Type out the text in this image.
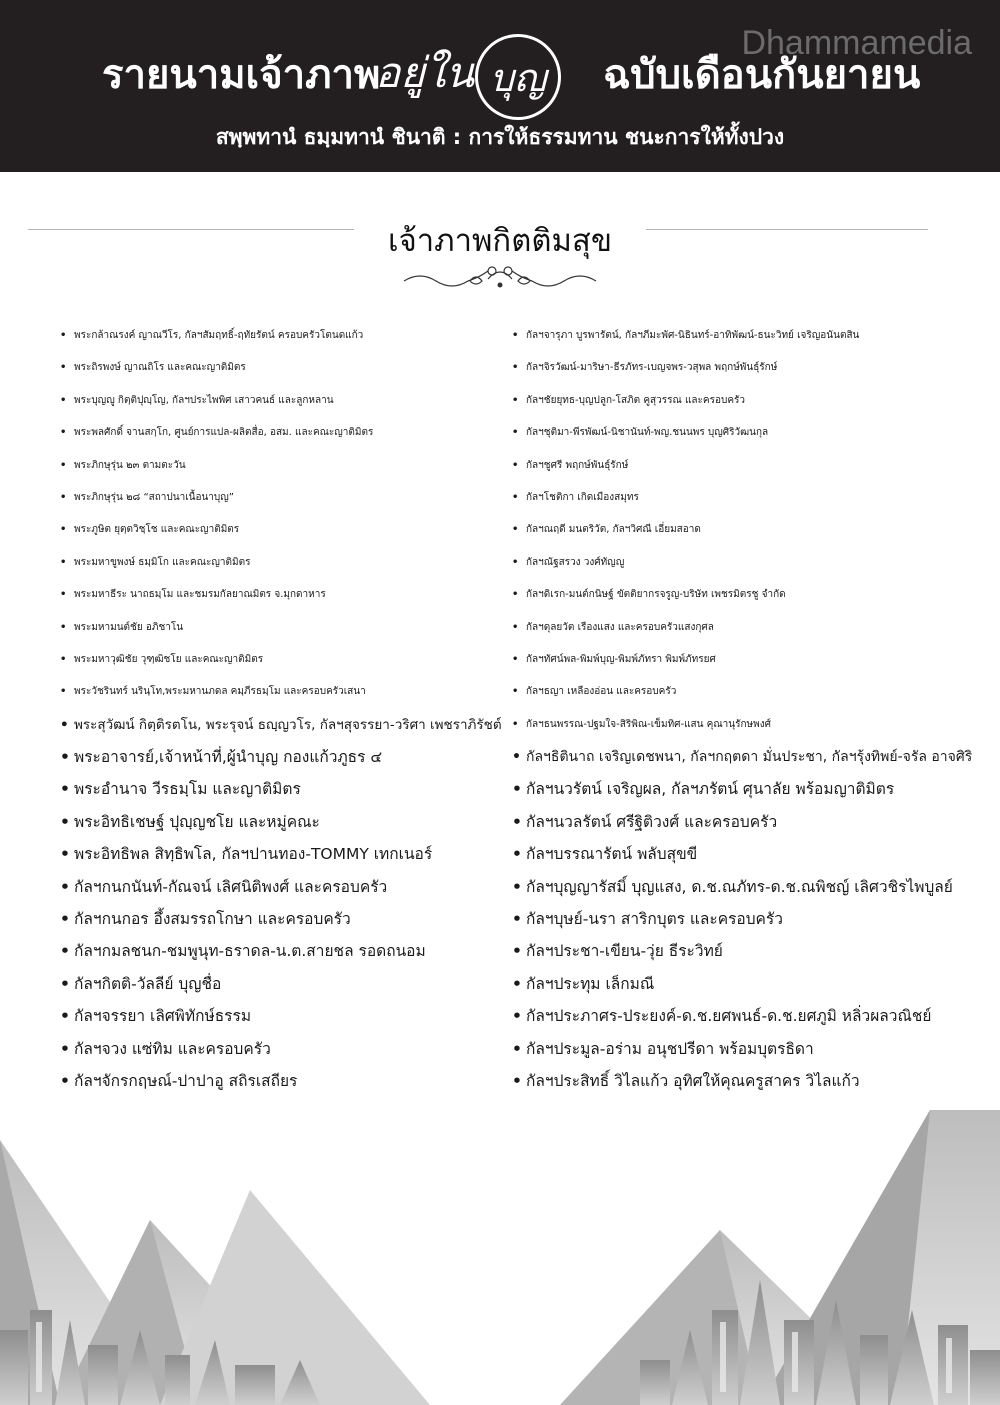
Dhammamedia
รายนามเจ้าภาพ
อยู่ใน บุญ	ฉบับเดือนกันยายน
สพฺพทานํ ธมฺมทานํ ชินาติ : การให้ธรรมทาน ชนะการให้ทั้งปวง
เจ้าภาพกิตติมสุข
• พระกล้าณรงค์ ญาณวีโร, กัลฯสัมฤทธิ์-ฤทัยรัตน์ ครอบครัวโตนดแก้ว
• พระถิรพงษ์ ญาณถิโร และคณะญาติมิตร
• พระบุญญู กิตฺติปุญฺโญ, กัลฯประไพพิศ เสาวคนธ์ และลูกหลาน
• พระพลศักดิ์ จานสกฺโก, ศูนย์การแปล-ผลิตสื่อ, อสม. และคณะญาติมิตร
• พระภิกษุรุ่น ๒๓ ตามตะวัน
• พระภิกษุรุ่น ๒๘ “สถาปนาเนื้อนาบุญ”
• พระภูษิต ยุตฺตวิชฺโช และคณะญาติมิตร
• พระมหาขูพงษ์ ธมฺมิโก และคณะญาติมิตร
• พระมหาธีระ นาถธมฺโม และชมรมกัลยาณมิตร จ.มุกดาหาร
• พระมหามนต์ชัย อภิชาโน
• พระมหาวุฒิชัย วุฑฺฒิชโย และคณะญาติมิตร
• พระวัชรินทร์ นรินฺโท,พระมหานภดล คมฺภีรธมฺโม และครอบครัวเสนา
• พระสุวัฒน์ กิตฺติรตโน, พระรุจน์ ธญฺญวโร, กัลฯสุจรรยา-วริศา เพชราภิรัชต์
• พระอาจารย์,เจ้าหน้าที่,ผู้นำบุญ กองแก้วภูธร ๔
• พระอำนาจ วีรธมฺโม และญาติมิตร
• พระอิทธิเชษฐ์ ปุญฺญชโย และหมู่คณะ
• พระอิทธิพล สิทฺธิพโล, กัลฯปานทอง-TOMMY เทกเนอร์
• กัลฯกนกนันท์-กัณจน์ เลิศนิติพงศ์ และครอบครัว
• กัลฯกนกอร อึ้งสมรรถโกษา และครอบครัว
• กัลฯกมลชนก-ชมพูนุท-ธราดล-น.ต.สายชล รอดถนอม
• กัลฯกิตติ-วัลลีย์ บุญชื่อ
• กัลฯจรรยา เลิศพิทักษ์ธรรม
• กัลฯจวง แซ่ทิม และครอบครัว
• กัลฯจักรกฤษณ์-ปาปาอู สถิรเสถียร
• กัลฯจารุภา บูรพารัตน์, กัลฯภีมะพัศ-นิธินทร์-อาทิพัฒน์-ธนะวิทย์ เจริญอนันตสิน
• กัลฯจิรวัฒน์-มาริษา-ธีรภัทร-เบญจพร-วสุพล พฤกษ์พันธุ์รักษ์
• กัลฯชัยยุทธ-บุญปลูก-โสภิต คูสุวรรณ และครอบครัว
• กัลฯชุติมา-พีรพัฒน์-นิชานันท์-พญ.ชนนพร บุญศิริวัฒนกุล
• กัลฯชูศรี พฤกษ์พันธุ์รักษ์
• กัลฯโชติกา เกิดเมืองสมุทร
• กัลฯณฤดี มนตริวัต, กัลฯวิศณี เอี่ยมสอาด
• กัลฯณัฐสรวง วงศ์ทัญญู
• กัลฯดิเรก-มนต์กนิษฐ์ ขัตติยากรจรูญ-บริษัท เพชรมิตรชู จำกัด
• กัลฯดุลยวัต เรืองแสง และครอบครัวแสงกุศล
• กัลฯทัศน์พล-พิมพ์บุญ-พิมพ์ภัทรา พิมพ์ภัทรยศ
• กัลฯธญา เหลืองอ่อน และครอบครัว
• กัลฯธนพรรณ-ปฐมใจ-สิริพิณ-เข็มทิศ-แสน คุณานุรักษพงศ์
• กัลฯธิตินาถ เจริญเดชพนา, กัลฯกฤตดา มั่นประชา, กัลฯรุ้งทิพย์-จรัล อาจศิริ
• กัลฯนวรัตน์ เจริญผล, กัลฯภรัตน์ ศุนาลัย พร้อมญาติมิตร
• กัลฯนวลรัตน์ ศรีฐิติวงศ์ และครอบครัว
• กัลฯบรรณารัตน์ พลับสุขขี
• กัลฯบุญญารัสมิ์ บุญแสง, ด.ช.ณภัทร-ด.ช.ณพิชญ์ เลิศวชิรไพบูลย์
• กัลฯบุษย์-นรา สาริกบุตร และครอบครัว
• กัลฯประชา-เขียน-วุ่ย ธีระวิทย์
• กัลฯประทุม เล็กมณี
• กัลฯประภาศร-ประยงค์-ด.ช.ยศพนธ์-ด.ช.ยศภูมิ หลิ่วผลวณิชย์
• กัลฯประมูล-อร่าม อนุชปรีดา พร้อมบุตรธิดา
• กัลฯประสิทธิ์ วิไลแก้ว อุทิศให้คุณครูสาคร วิไลแก้ว
